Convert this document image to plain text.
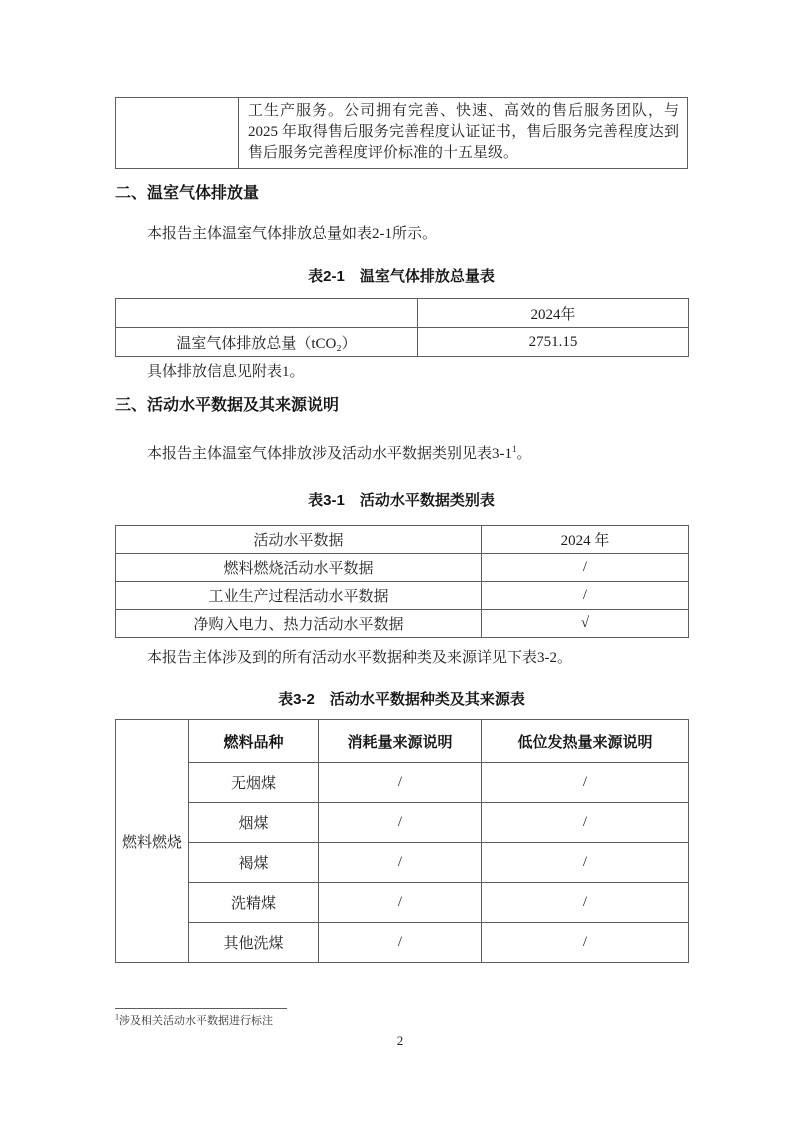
	工生产服务。公司拥有完善、快速、高效的售后服务团队，与 2025 年取得售后服务完善程度认证证书，售后服务完善程度达到售后服务完善程度评价标准的十五星级。
二、温室气体排放量

本报告主体温室气体排放总量如表2-1所示。

表2-1　温室气体排放总量表
	2024年
温室气体排放总量（tCO₂）	2751.15

具体排放信息见附表1。

三、活动水平数据及其来源说明

本报告主体温室气体排放涉及活动水平数据类别见表$3-1^1$。

表3-1　活动水平数据类别表
活动水平数据	2024 年
燃料燃烧活动水平数据	/
工业生产过程活动水平数据	/
净购入电力、热力活动水平数据	√

本报告主体涉及到的所有活动水平数据种类及来源详见下表3-2。

表3-2　活动水平数据种类及其来源表
燃料燃烧	燃料品种	消耗量来源说明	低位发热量来源说明
	无烟煤	/	/
	烟煤	/	/
	褐煤	/	/
	洗精煤	/	/
	其他洗煤	/	/
$^1$涉及相关活动水平数据进行标注
2
